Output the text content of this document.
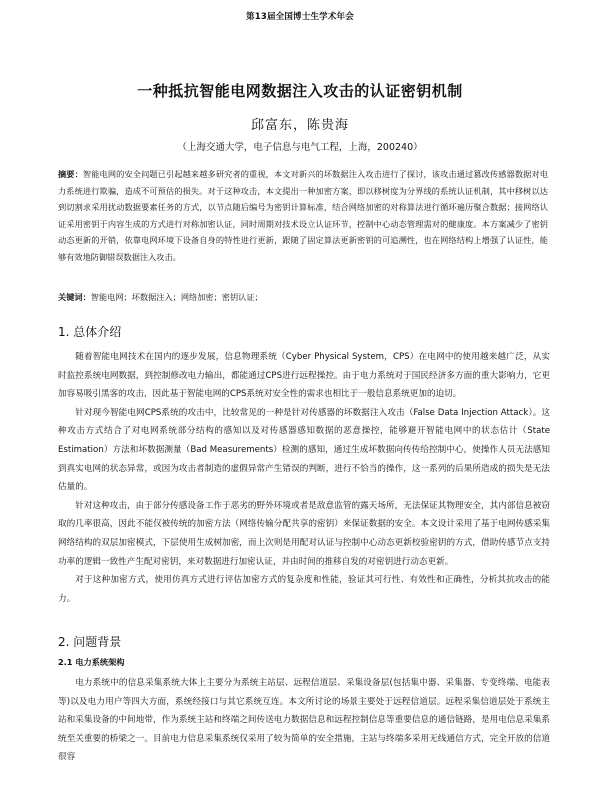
第13届全国博士生学术年会
一种抵抗智能电网数据注入攻击的认证密钥机制
邱富东，陈贵海
（上海交通大学，电子信息与电气工程，上海，200240）
摘要：智能电网的安全问题已引起越来越多研究者的重视，本文对新兴的坏数据注入攻击进行了探讨，该攻击通过篡改传感器数据对电力系统进行欺骗，造成不可预估的损失。对于这种攻击，本文提出一种加密方案，即以移树度为分界线的系统认证机制，其中移树以达到切割求采用扰动数据要素任务的方式，以节点随后编号为密钥计算标准，结合网络加密的对称算法进行循环遍历聚合数据；接网络认证采用密钥于内容生成的方式进行对称加密认证，同时周期对技术设立认证环节，控制中心动态管理需对的健康度。本方案减少了密钥动态更新的开销，依靠电网环境下设备自身的特性进行更新，跟随了固定算法更新密钥的可追溯性，也在网络结构上增强了认证性，能够有效地防御错误数据注入攻击。
关键词：智能电网；坏数据注入；网络加密；密钥认证；
1. 总体介绍

随着智能电网技术在国内的逐步发展，信息物理系统（Cyber Physical System，CPS）在电网中的使用越来越广泛，从实时监控系统电网数据，到控制修改电力输出，都能通过CPS进行远程操控。由于电力系统对于国民经济多方面的重大影响力，它更加容易吸引黑客的攻击，因此基于智能电网的CPS系统对安全性的需求也相比于一般信息系统更加的迫切。

针对现今智能电网CPS系统的攻击中，比较常见的一种是针对传感器的坏数据注入攻击（False Data Injection Attack）。这种攻击方式结合了对电网系统部分结构的感知以及对传感器感知数据的恶意操控，能够避开智能电网中的状态估计（State Estimation）方法和坏数据测量（Bad Measurements）检测的感知，通过生成坏数据向传传给控制中心，使操作人员无法感知到真实电网的状态异常，或因为攻击者制造的虚假异常产生错误的判断，进行不恰当的操作，这一系列的后果所造成的损失是无法估量的。

针对这种攻击，由于部分传感设备工作于恶劣的野外环境或者是敌意监管的露天场所，无法保证其物理安全，其内部信息被窃取的几率很高，因此不能仅被传统的加密方法（网络传输分配共享的密钥）来保证数据的安全。本文设计采用了基于电网传感采集网络结构的双层加密模式，下层使用生成树加密，而上次则是用配对认证与控制中心动态更新校验密钥的方式，借助传感节点支持功率的逻辑一致性产生配对密钥，来对数据进行加密认证，并由时间的推移自发的对密钥进行动态更新。

对于这种加密方式，使用仿真方式进行评估加密方式的复杂度和性能，验证其可行性、有效性和正确性，分析其抗攻击的能力。

2. 问题背景
2.1 电力系统架构

电力系统中的信息采集系统大体上主要分为系统主站层、远程信道层、采集设备层(包括集中器、采集器、专变终端、电能表等)以及电力用户等四大方面，系统经接口与其它系统互连。本文所讨论的场景主要处于远程信道层。远程采集信道层处于系统主站和采集设备的中间地带，作为系统主站和终端之间传送电力数据信息和远程控制信息等重要信息的通信链路，是用电信息采集系统至关重要的桥梁之一。目前电力信息采集系统仅采用了较为简单的安全措施，主站与终端多采用无线通信方式，完全开放的信道很容
